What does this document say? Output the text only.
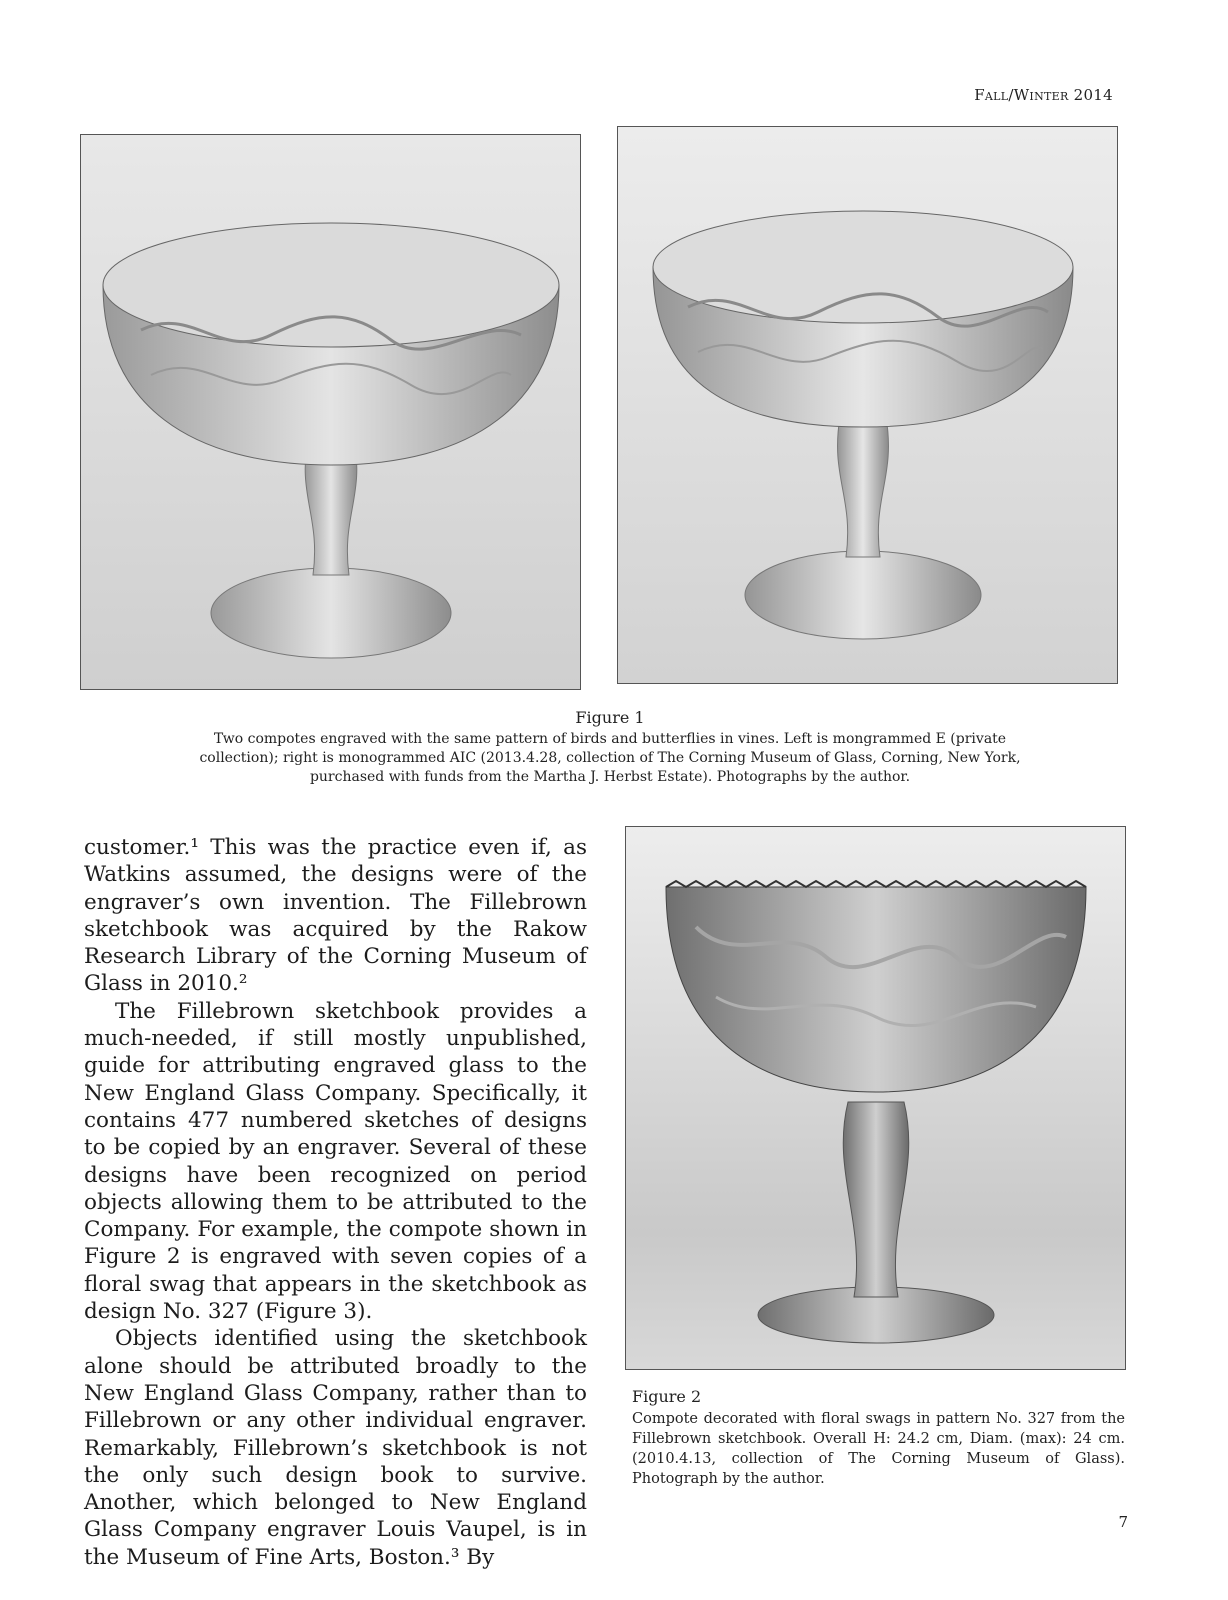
Fall/Winter 2014
Figure 1
Two compotes engraved with the same pattern of birds and butterflies in vines. Left is mongrammed E (private
collection); right is monogrammed AIC (2013.4.28, collection of The Corning Museum of Glass, Corning, New York,
purchased with funds from the Martha J. Herbst Estate). Photographs by the author.

customer.¹ This was the practice even if, as Watkins assumed, the designs were of the engraver’s own invention. The Fillebrown sketchbook was acquired by the Rakow Research Library of the Corning Museum of Glass in 2010.²

The Fillebrown sketchbook provides a much-needed, if still mostly unpublished, guide for attributing engraved glass to the New England Glass Company. Specifically, it contains 477 numbered sketches of designs to be copied by an engraver. Several of these designs have been recognized on period objects allowing them to be attributed to the Company. For example, the compote shown in Figure 2 is engraved with seven copies of a floral swag that appears in the sketchbook as design No. 327 (Figure 3).

Objects identified using the sketchbook alone should be attributed broadly to the New England Glass Company, rather than to Fillebrown or any other individual engraver. Remarkably, Fillebrown’s sketchbook is not the only such design book to survive. Another, which belonged to New England Glass Company engraver Louis Vaupel, is in the Museum of Fine Arts, Boston.³ By

Figure 2
Compote decorated with floral swags in pattern No. 327 from the Fillebrown sketchbook. Overall H: 24.2 cm, Diam. (max): 24 cm. (2010.4.13, collection of The Corning Museum of Glass). Photograph by the author.
7
